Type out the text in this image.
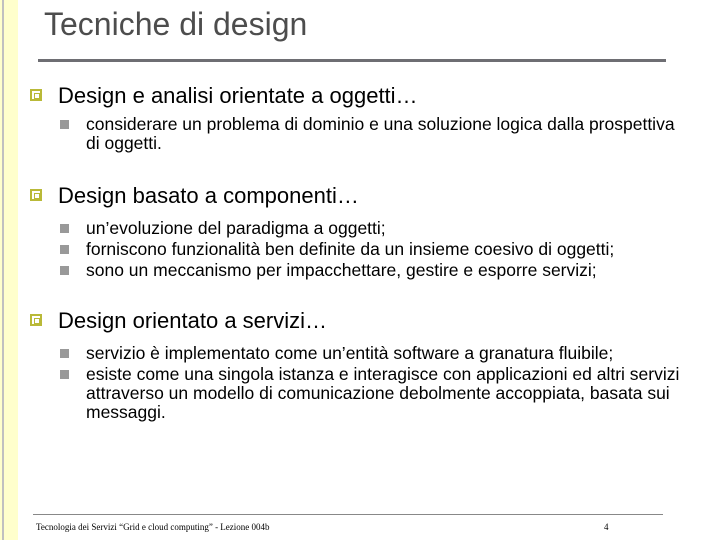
Tecniche di design
Design e analisi orientate a oggetti…
considerare un problema di dominio e una soluzione logica dalla prospettiva di oggetti.
Design basato a componenti…
un’evoluzione del paradigma a oggetti;
forniscono funzionalità ben definite da un insieme coesivo di oggetti;
sono un meccanismo per impacchettare, gestire e esporre servizi;
Design orientato a servizi…
servizio è implementato come un’entità software a granatura fluibile;
esiste come una singola istanza e interagisce con applicazioni ed altri servizi attraverso un modello di comunicazione debolmente accoppiata, basata sui messaggi.
Tecnologia dei Servizi “Grid e cloud computing” - Lezione 004b	4
